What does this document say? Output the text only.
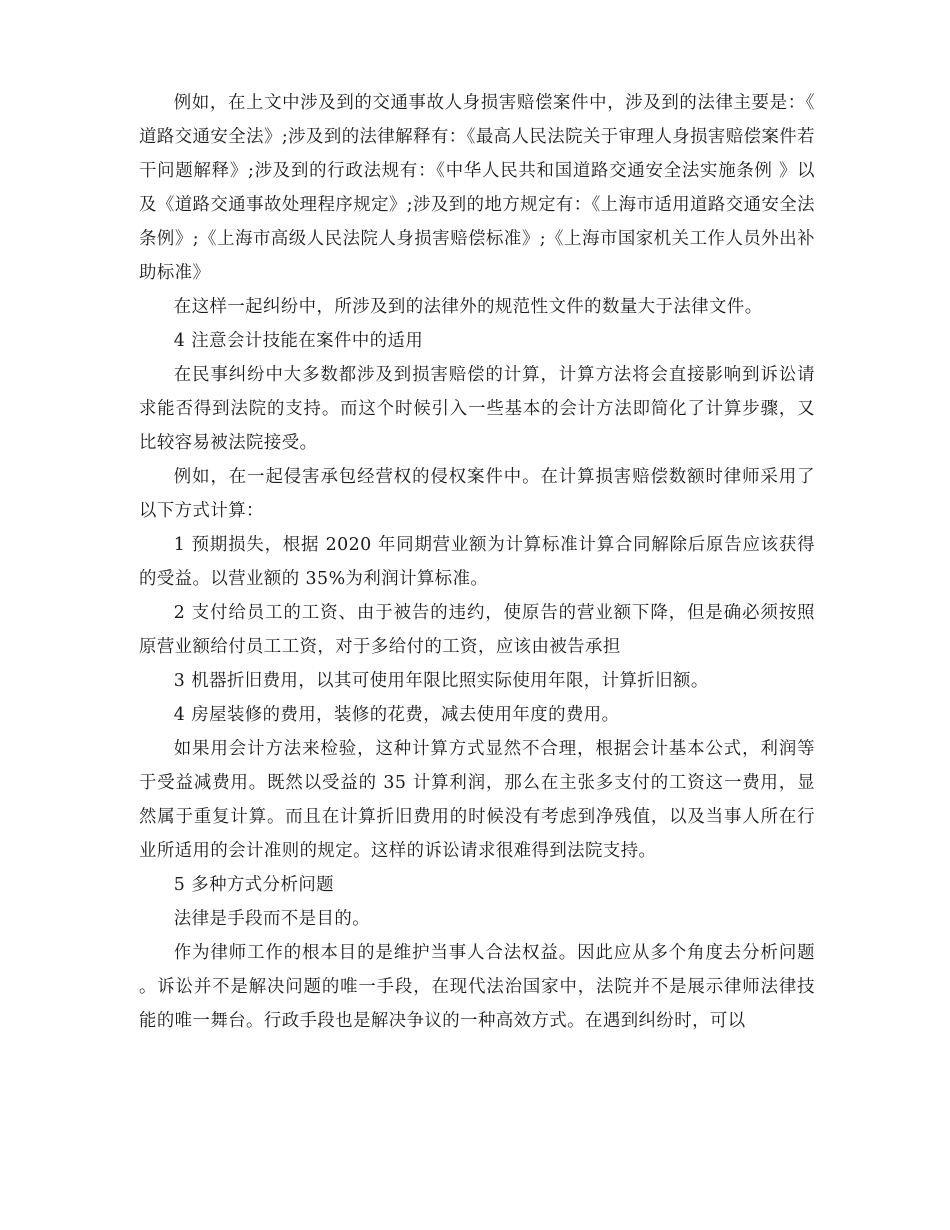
例如，在上文中涉及到的交通事故人身损害赔偿案件中，涉及到的法律主要是：《道路交通安全法》;涉及到的法律解释有：《最高人民法院关于审理人身损害赔偿案件若干问题解释》;涉及到的行政法规有：《中华人民共和国道路交通安全法实施条例 》以及《道路交通事故处理程序规定》;涉及到的地方规定有：《上海市适用道路交通安全法条例》;《上海市高级人民法院人身损害赔偿标准》;《上海市国家机关工作人员外出补助标准》

在这样一起纠纷中，所涉及到的法律外的规范性文件的数量大于法律文件。

4 注意会计技能在案件中的适用

在民事纠纷中大多数都涉及到损害赔偿的计算，计算方法将会直接影响到诉讼请求能否得到法院的支持。而这个时候引入一些基本的会计方法即简化了计算步骤，又比较容易被法院接受。

例如，在一起侵害承包经营权的侵权案件中。在计算损害赔偿数额时律师采用了以下方式计算：

1 预期损失，根据 2020 年同期营业额为计算标准计算合同解除后原告应该获得的受益。以营业额的 35%为利润计算标准。

2 支付给员工的工资、由于被告的违约，使原告的营业额下降，但是确必须按照原营业额给付员工工资，对于多给付的工资，应该由被告承担

3 机器折旧费用，以其可使用年限比照实际使用年限，计算折旧额。

4 房屋装修的费用，装修的花费，减去使用年度的费用。

如果用会计方法来检验，这种计算方式显然不合理，根据会计基本公式，利润等于受益减费用。既然以受益的 35 计算利润，那么在主张多支付的工资这一费用，显然属于重复计算。而且在计算折旧费用的时候没有考虑到净残值，以及当事人所在行业所适用的会计准则的规定。这样的诉讼请求很难得到法院支持。

5 多种方式分析问题

法律是手段而不是目的。

作为律师工作的根本目的是维护当事人合法权益。因此应从多个角度去分析问题。诉讼并不是解决问题的唯一手段，在现代法治国家中，法院并不是展示律师法律技能的唯一舞台。行政手段也是解决争议的一种高效方式。在遇到纠纷时，可以
